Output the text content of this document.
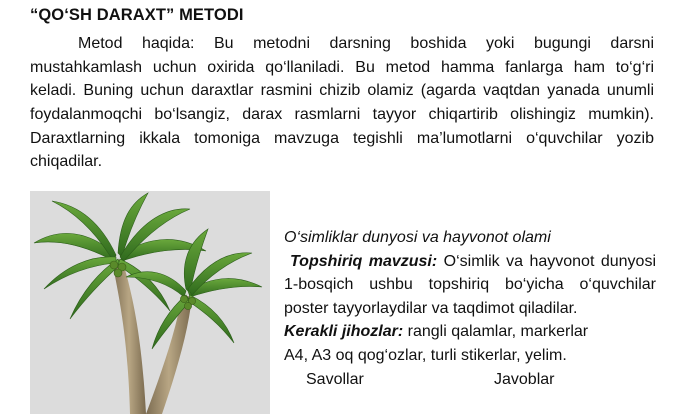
“QO‘SH DARAXT” METODI
Metod haqida: Bu metodni darsning boshida yoki bugungi darsni
mustahkamlash uchun oxirida qo‘llaniladi. Bu metod hamma fanlarga ham to‘g‘ri
keladi. Buning uchun daraxtlar rasmini chizib olamiz (agarda vaqtdan yanada unumli
foydalanmoqchi bo‘lsangiz, darax rasmlarni tayyor chiqartirib olishingiz mumkin).
Daraxtlarning ikkala tomoniga mavzuga tegishli ma’lumotlarni o‘quvchilar yozib
chiqadilar.
O‘simliklar dunyosi va hayvonot olami
Topshiriq mavzusi: O‘simlik va hayvonot dunyosi
1-bosqich ushbu topshiriq bo‘yicha o‘quvchilar
poster tayyorlaydilar va taqdimot qiladilar.
Kerakli jihozlar: rangli qalamlar, markerlar
A4, A3 oq qog‘ozlar, turli stikerlar, yelim.
Savollar	Javoblar
